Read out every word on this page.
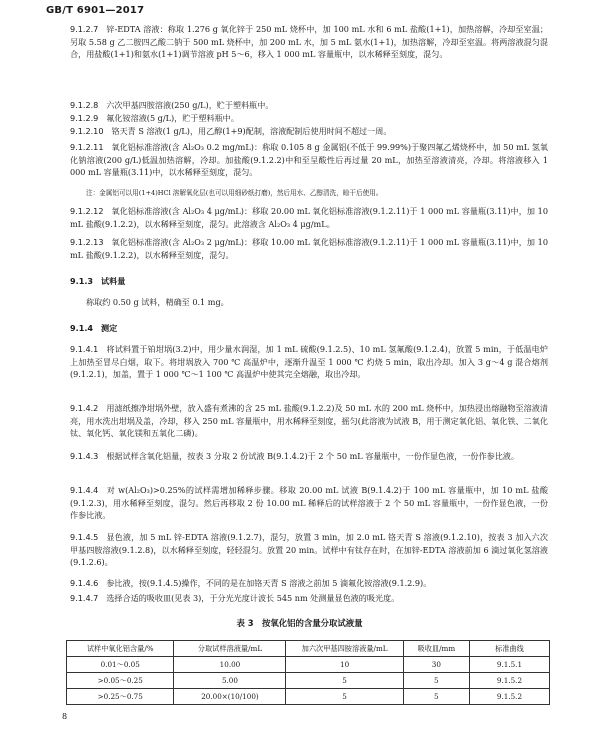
GB/T 6901—2017

9.1.2.7 锌-EDTA 溶液：称取 1.276 g 氧化锌于 250 mL 烧杯中，加 100 mL 水和 6 mL 盐酸(1+1)，加热溶解，冷却至室温；另取 5.58 g 乙二胺四乙酸二钠于 500 mL 烧杯中，加 200 mL 水，加 5 mL 氨水(1+1)，加热溶解，冷却至室温。将两溶液混匀混合，用盐酸(1+1)和氨水(1+1)调节溶液 pH 5～6，移入 1 000 mL 容量瓶中，以水稀释至刻度，混匀。

9.1.2.8 六次甲基四胺溶液(250 g/L)，贮于塑料瓶中。

9.1.2.9 氟化铵溶液(5 g/L)，贮于塑料瓶中。

9.1.2.10 铬天青 S 溶液(1 g/L)，用乙醇(1+9)配制，溶液配制后使用时间不超过一周。

9.1.2.11 氧化铝标准溶液(含 Al₂O₃ 0.2 mg/mL)：称取 0.105 8 g 金属铝(不低于 99.99%)于聚四氟乙烯烧杯中，加 50 mL 氢氧化钠溶液(200 g/L)低温加热溶解，冷却。加盐酸(9.1.2.2)中和至呈酸性后再过量 20 mL，加热至溶液清亮，冷却。将溶液移入 1 000 mL 容量瓶(3.11)中，以水稀释至刻度，混匀。

注：金属铝可以用(1+4)HCl 溶解氧化层(也可以用细砂纸打磨)，然后用水、乙醇清洗，晾干后使用。

9.1.2.12 氧化铝标准溶液(含 Al₂O₃ 4 μg/mL)：移取 20.00 mL 氧化铝标准溶液(9.1.2.11)于 1 000 mL 容量瓶(3.11)中，加 10 mL 盐酸(9.1.2.2)，以水稀释至刻度，混匀。此溶液含 Al₂O₃ 4 μg/mL。

9.1.2.13 氧化铝标准溶液(含 Al₂O₃ 2 μg/mL)：移取 10.00 mL 氧化铝标准溶液(9.1.2.11)于 1 000 mL 容量瓶(3.11)中，加 10 mL 盐酸(9.1.2.2)，以水稀释至刻度，混匀。

9.1.3 试料量

称取约 0.50 g 试料，精确至 0.1 mg。

9.1.4 测定

9.1.4.1 将试料置于铂坩埚(3.2)中，用少量水润湿，加 1 mL 硫酸(9.1.2.5)、10 mL 氢氟酸(9.1.2.4)，放置 5 min，于低温电炉上加热至冒尽白烟，取下。将坩埚放入 700 ℃ 高温炉中，逐渐升温至 1 000 ℃ 灼烧 5 min，取出冷却。加入 3 g～4 g 混合熔剂(9.1.2.1)，加盖，置于 1 000 ℃～1 100 ℃ 高温炉中使其完全熔融，取出冷却。

9.1.4.2 用滤纸擦净坩埚外壁，放入盛有煮沸的含 25 mL 盐酸(9.1.2.2)及 50 mL 水的 200 mL 烧杯中，加热浸出熔融物至溶液清亮，用水洗出坩埚及盖，冷却，移入 250 mL 容量瓶中，用水稀释至刻度，摇匀(此溶液为试液 B，用于测定氧化铝、氧化铁、二氧化钛、氧化钙、氧化镁和五氧化二磷)。

9.1.4.3 根据试样含氧化铝量，按表 3 分取 2 份试液 B(9.1.4.2)于 2 个 50 mL 容量瓶中，一份作显色液，一份作参比液。

9.1.4.4 对 w(Al₂O₃)>0.25%的试样需增加稀释步骤。移取 20.00 mL 试液 B(9.1.4.2)于 100 mL 容量瓶中，加 10 mL 盐酸(9.1.2.3)，用水稀释至刻度，混匀。然后再移取 2 份 10.00 mL 稀释后的试样溶液于 2 个 50 mL 容量瓶中，一份作显色液，一份作参比液。

9.1.4.5 显色液，加 5 mL 锌-EDTA 溶液(9.1.2.7)，混匀，放置 3 min，加 2.0 mL 铬天青 S 溶液(9.1.2.10)，按表 3 加入六次甲基四胺溶液(9.1.2.8)，以水稀释至刻度，轻轻混匀。放置 20 min。试样中有钛存在时，在加锌-EDTA 溶液前加 6 滴过氧化氢溶液(9.1.2.6)。

9.1.4.6 参比液，按(9.1.4.5)操作，不同的是在加铬天青 S 溶液之前加 5 滴氟化铵溶液(9.1.2.9)。

9.1.4.7 选择合适的吸收皿(见表 3)，于分光光度计波长 545 nm 处测量显色液的吸光度。

表 3　按氧化铝的含量分取试液量
试样中氧化铝含量/%	分取试样溶液量/mL	加六次甲基四胺溶液量/mL	吸收皿/mm	标准曲线
0.01～0.05	10.00	10	30	9.1.5.1
>0.05～0.25	5.00	5	5	9.1.5.2
>0.25～0.75	20.00×(10/100)	5	5	9.1.5.2
8
